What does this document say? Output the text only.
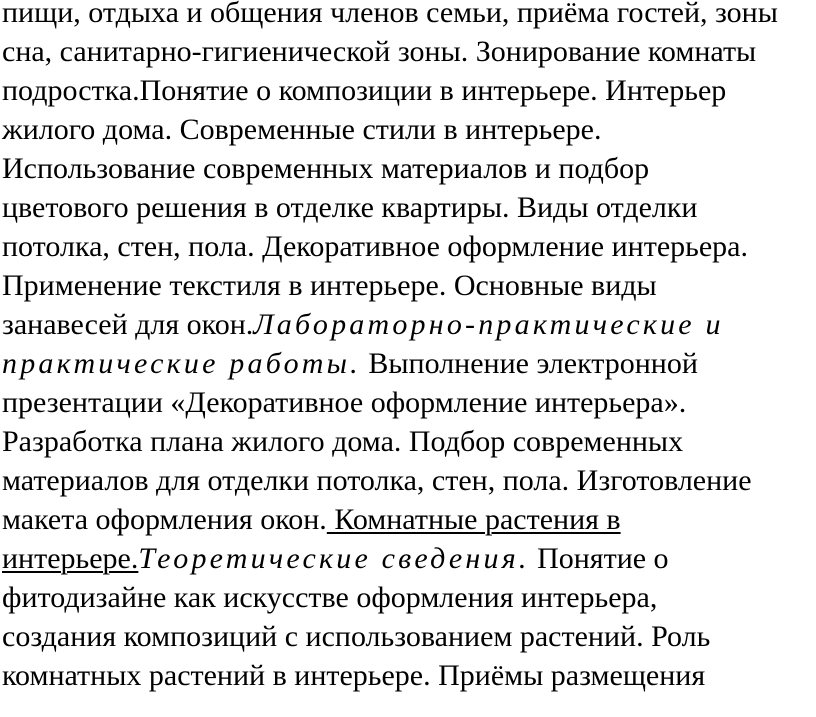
пищи, отдыха и общения членов семьи, приёма гостей, зоны
сна, санитарно-гигиенической зоны. Зонирование комнаты
подростка.Понятие о композиции в интерьере. Интерьер
жилого дома. Современные стили в интерьере.
Использование современных материалов и подбор
цветового решения в отделке квартиры. Виды отделки
потолка, стен, пола. Декоративное оформление интерьера.
Применение текстиля в интерьере. Основные виды
занавесей для окон.Лабораторно-практические и
практические работы. Выполнение электронной
презентации «Декоративное оформление интерьера».
Разработка плана жилого дома. Подбор современных
материалов для отделки потолка, стен, пола. Изготовление
макета оформления окон. Комнатные растения в
интерьере.Теоретические сведения. Понятие о
фитодизайне как искусстве оформления интерьера,
создания композиций с использованием растений. Роль
комнатных растений в интерьере. Приёмы размещения
